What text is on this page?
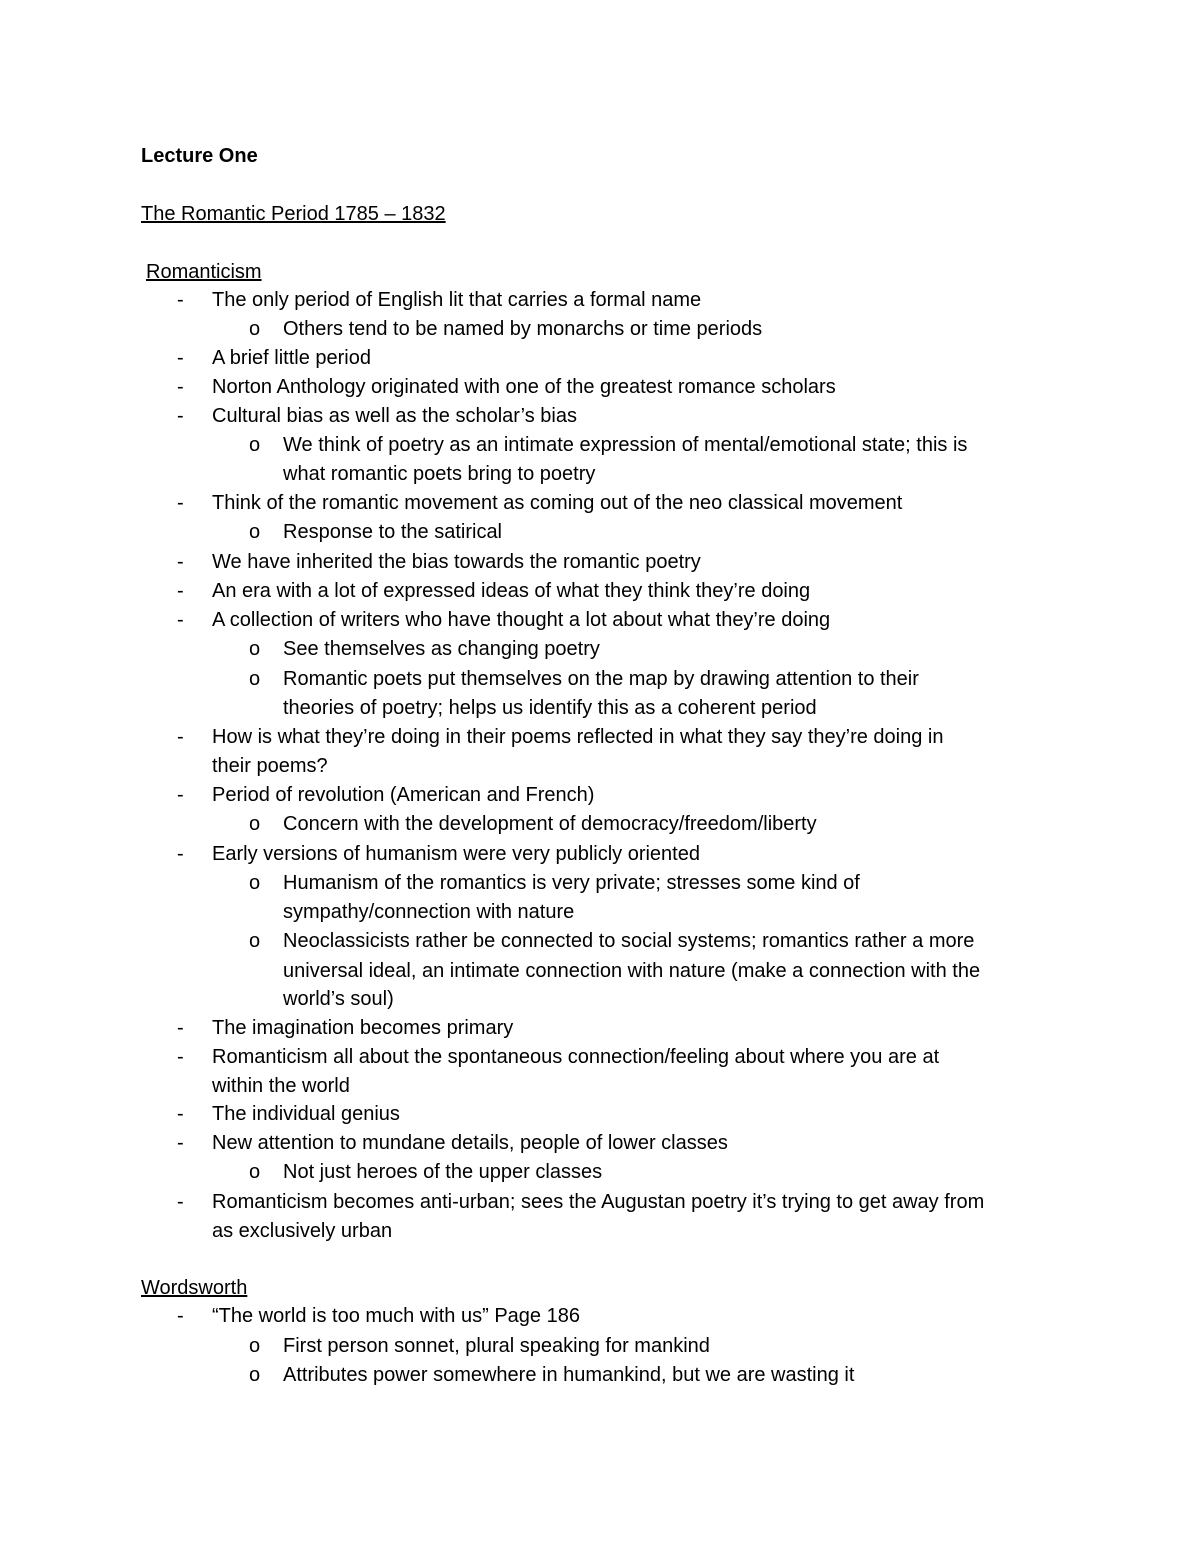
Lecture One
The Romantic Period 1785 – 1832
Romanticism
- The only period of English lit that carries a formal name
o Others tend to be named by monarchs or time periods
- A brief little period
- Norton Anthology originated with one of the greatest romance scholars
- Cultural bias as well as the scholar’s bias
o We think of poetry as an intimate expression of mental/emotional state; this is
what romantic poets bring to poetry
- Think of the romantic movement as coming out of the neo classical movement
o Response to the satirical
- We have inherited the bias towards the romantic poetry
- An era with a lot of expressed ideas of what they think they’re doing
- A collection of writers who have thought a lot about what they’re doing
o See themselves as changing poetry
o Romantic poets put themselves on the map by drawing attention to their
theories of poetry; helps us identify this as a coherent period
- How is what they’re doing in their poems reflected in what they say they’re doing in
their poems?
- Period of revolution (American and French)
o Concern with the development of democracy/freedom/liberty
- Early versions of humanism were very publicly oriented
o Humanism of the romantics is very private; stresses some kind of
sympathy/connection with nature
o Neoclassicists rather be connected to social systems; romantics rather a more
universal ideal, an intimate connection with nature (make a connection with the
world’s soul)
- The imagination becomes primary
- Romanticism all about the spontaneous connection/feeling about where you are at
within the world
- The individual genius
- New attention to mundane details, people of lower classes
o Not just heroes of the upper classes
- Romanticism becomes anti-urban; sees the Augustan poetry it’s trying to get away from
as exclusively urban
Wordsworth
- “The world is too much with us” Page 186
o First person sonnet, plural speaking for mankind
o Attributes power somewhere in humankind, but we are wasting it
